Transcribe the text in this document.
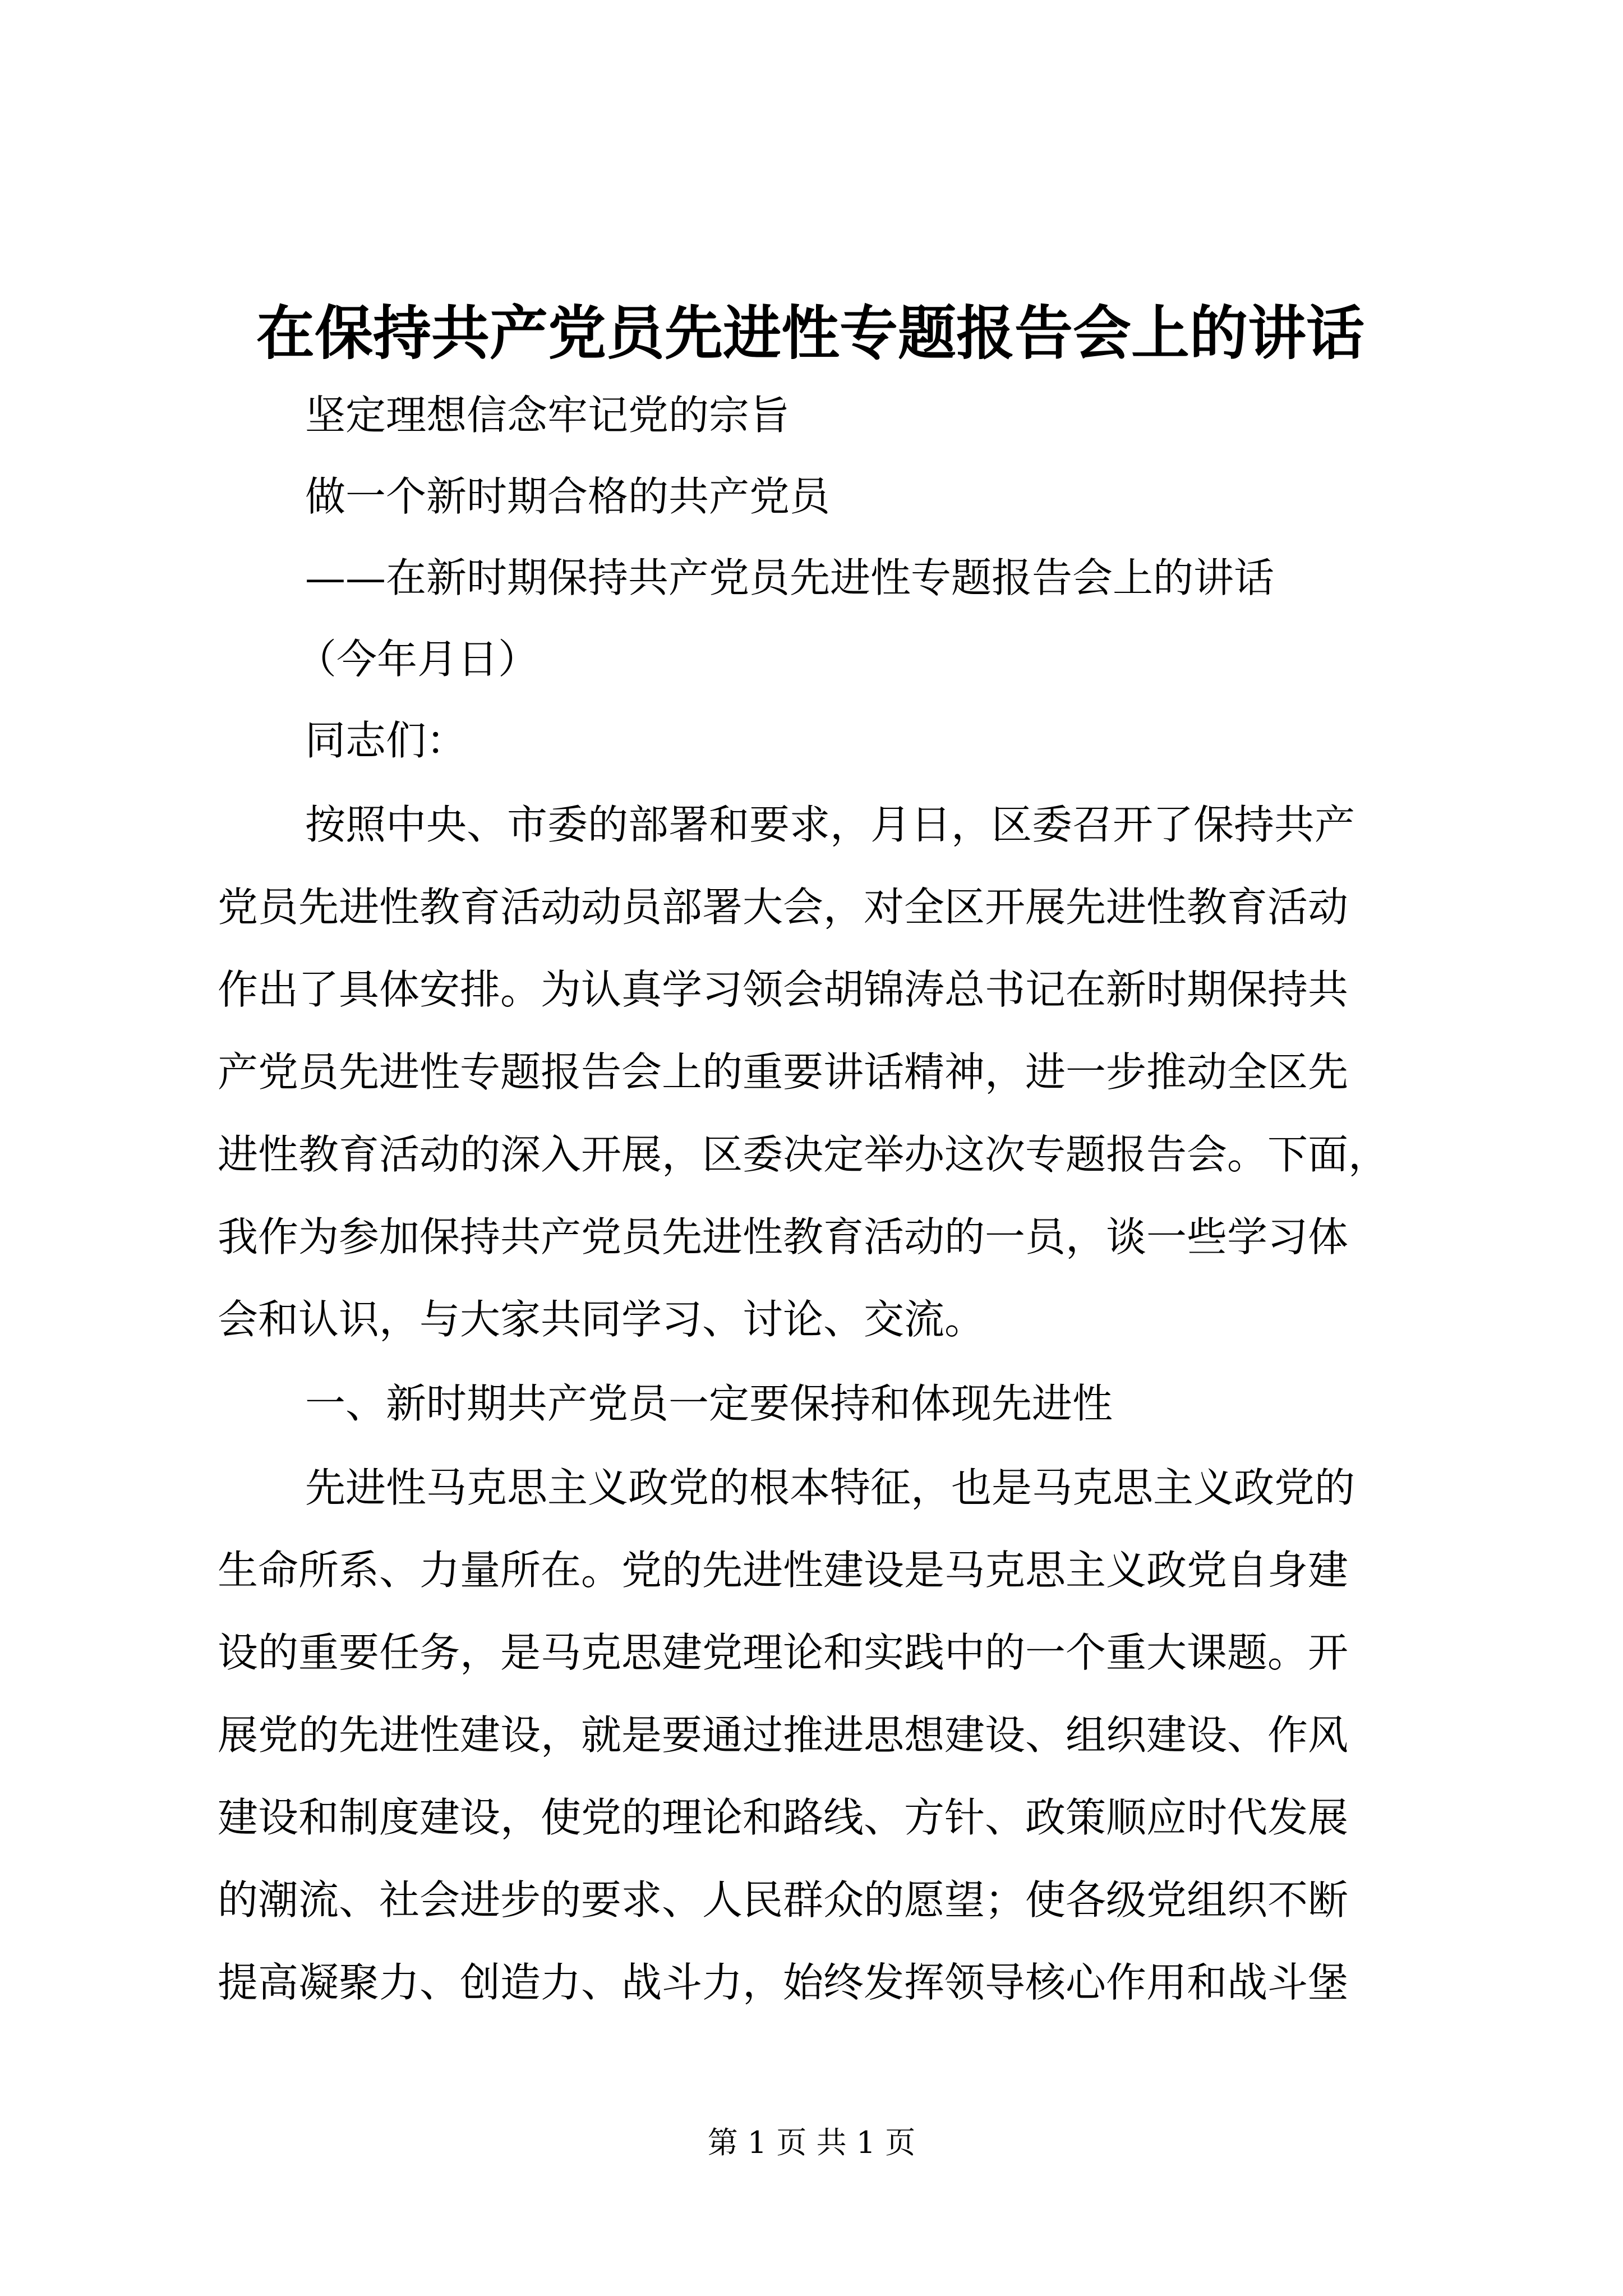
在保持共产党员先进性专题报告会上的讲话
坚定理想信念牢记党的宗旨
做一个新时期合格的共产党员
——在新时期保持共产党员先进性专题报告会上的讲话
（今年月日）
同志们：
按照中央、市委的部署和要求，月日，区委召开了保持共产
党员先进性教育活动动员部署大会，对全区开展先进性教育活动
作出了具体安排。为认真学习领会胡锦涛总书记在新时期保持共
产党员先进性专题报告会上的重要讲话精神，进一步推动全区先
进性教育活动的深入开展，区委决定举办这次专题报告会。下面，
我作为参加保持共产党员先进性教育活动的一员，谈一些学习体
会和认识，与大家共同学习、讨论、交流。
一、新时期共产党员一定要保持和体现先进性
先进性马克思主义政党的根本特征，也是马克思主义政党的
生命所系、力量所在。党的先进性建设是马克思主义政党自身建
设的重要任务，是马克思建党理论和实践中的一个重大课题。开
展党的先进性建设，就是要通过推进思想建设、组织建设、作风
建设和制度建设，使党的理论和路线、方针、政策顺应时代发展
的潮流、社会进步的要求、人民群众的愿望；使各级党组织不断
提高凝聚力、创造力、战斗力，始终发挥领导核心作用和战斗堡
第 1 页 共 1 页
